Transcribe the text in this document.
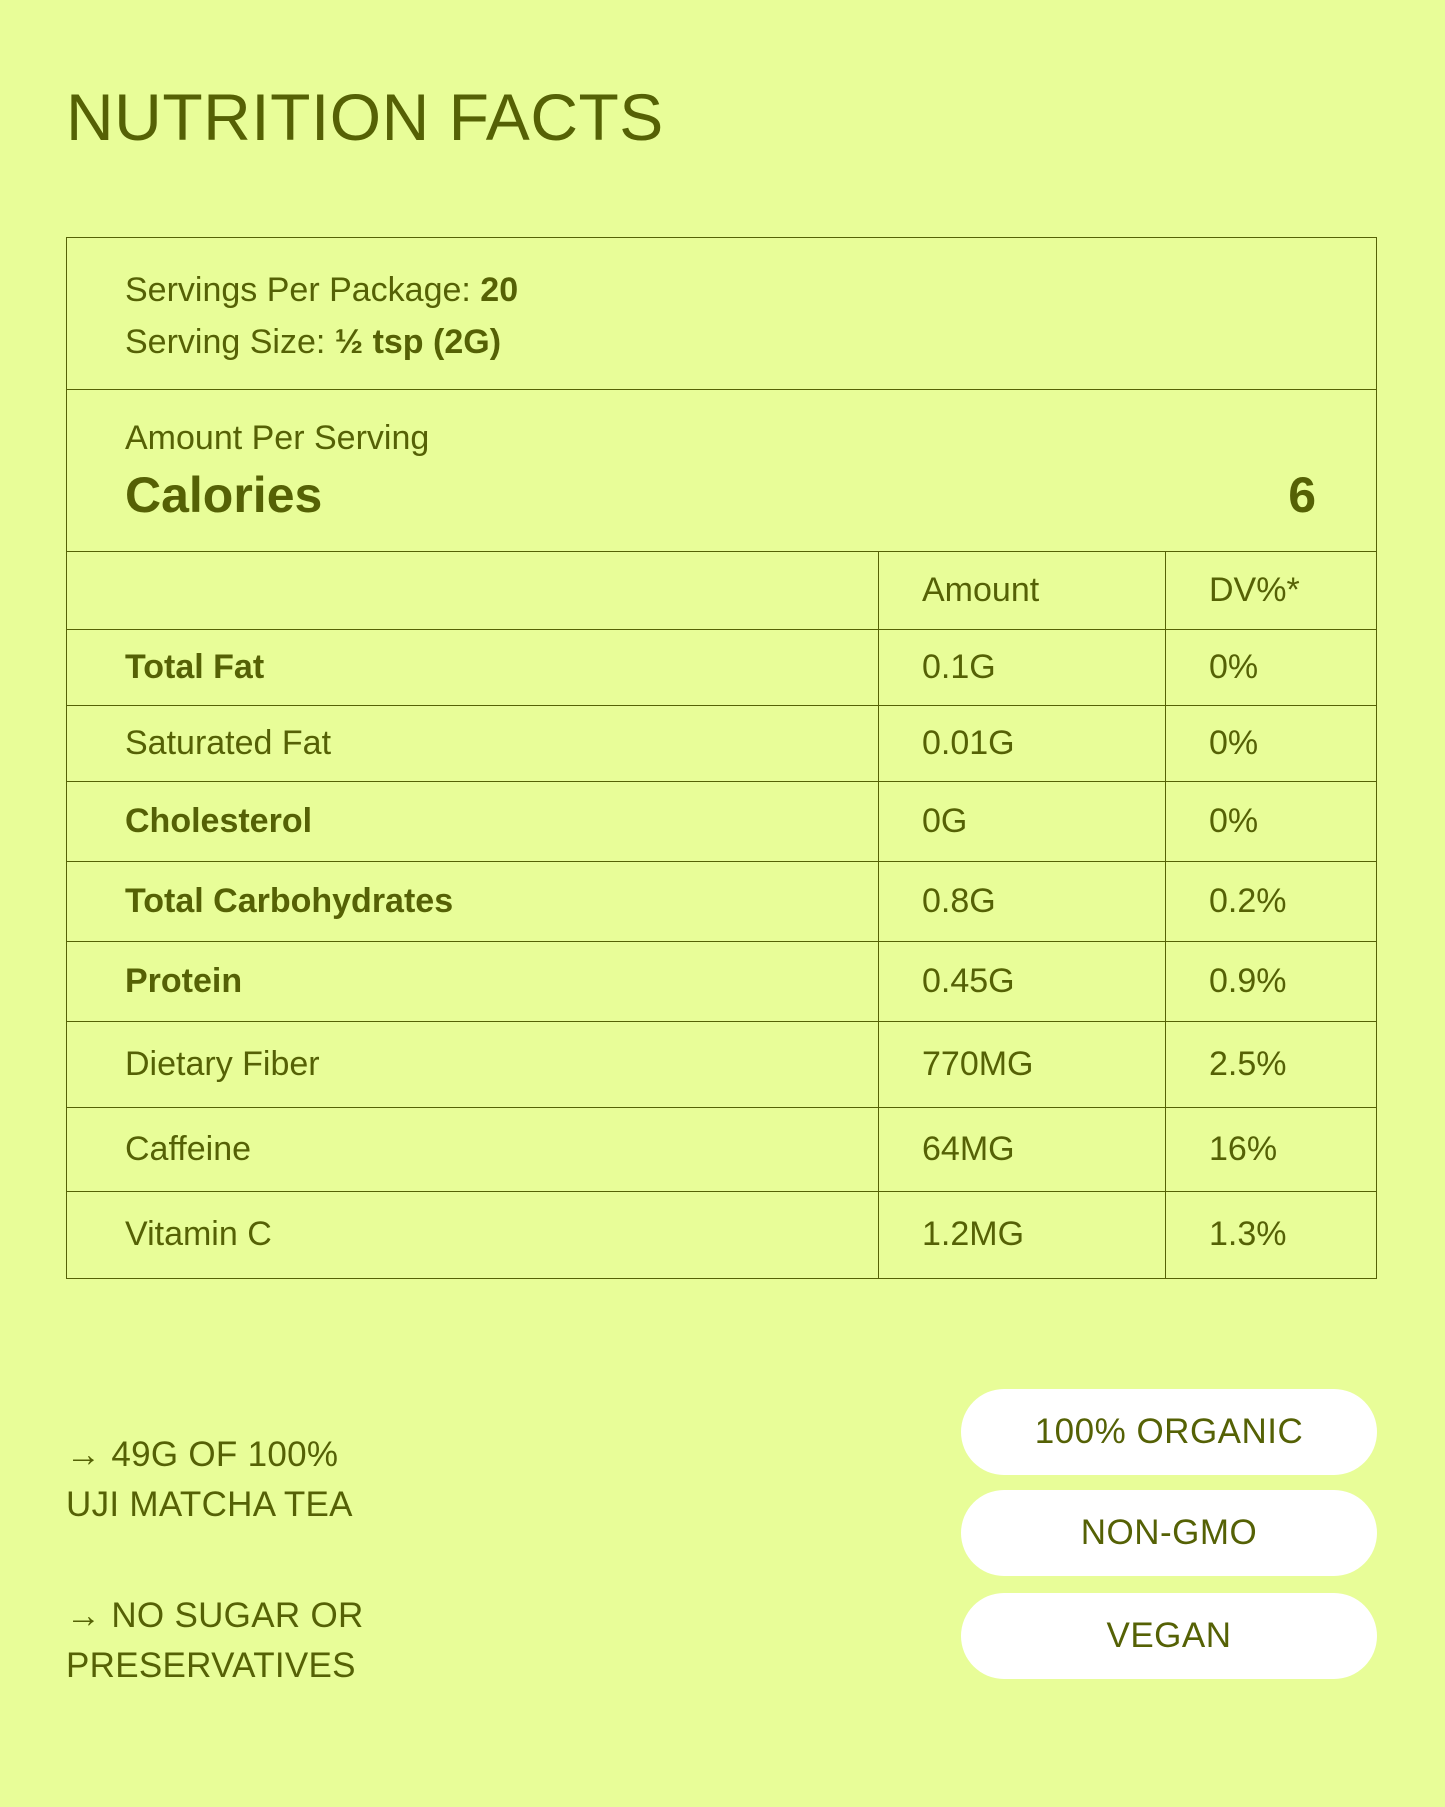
NUTRITION FACTS
Servings Per Package: 20
Serving Size: ½ tsp (2G)
Amount Per Serving
Calories	6
	Amount	DV%*
Total Fat	0.1G	0%
Saturated Fat	0.01G	0%
Cholesterol	0G	0%
Total Carbohydrates	0.8G	0.2%
Protein	0.45G	0.9%
Dietary Fiber	770MG	2.5%
Caffeine	64MG	16%
Vitamin C	1.2MG	1.3%
→ 49G OF 100%
UJI MATCHA TEA
→ NO SUGAR OR
PRESERVATIVES
100% ORGANIC
NON-GMO
VEGAN
